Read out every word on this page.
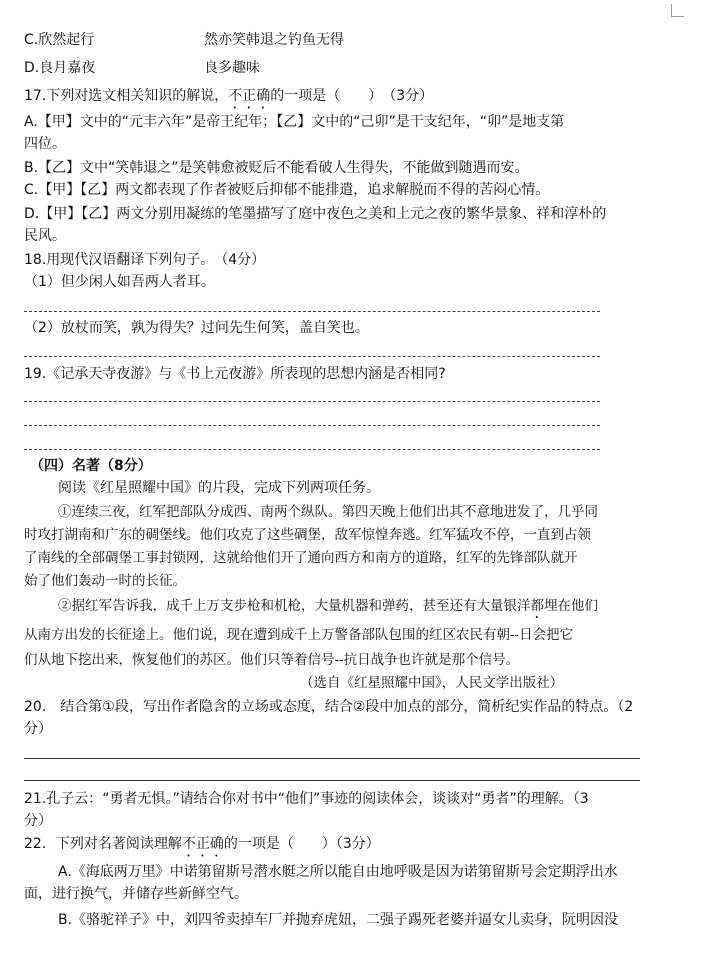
C.欣然起行	然亦笑韩退之钓鱼无得
D.良月嘉夜	良多趣味
17.下列对选文相关知识的解说，不正确的一项是（　　）　（3分）
A.【甲】文中的“元丰六年”是帝王纪年；【乙】文中的“己卯”是干支纪年，“卯”是地支第
四位。
B.【乙】文中“笑韩退之”是笑韩愈被贬后不能看破人生得失，不能做到随遇而安。
C.【甲】【乙】两文都表现了作者被贬后抑郁不能排遣，追求解脱而不得的苦闷心情。
D.【甲】【乙】两文分别用凝练的笔墨描写了庭中夜色之美和上元之夜的繁华景象、祥和淳朴的
民风。
18.用现代汉语翻译下列句子。　（4分）
（1）但少闲人如吾两人者耳。
（2）放杖而笑，孰为得失？过问先生何笑，盖自笑也。
19.《记承天寺夜游》与《书上元夜游》所表现的思想内涵是否相同?
（四）名著（8分）
阅读《红星照耀中国》的片段，完成下列两项任务。
①连续三夜，红军把部队分成西、南两个纵队。第四天晚上他们出其不意地进发了，几乎同
时攻打湖南和广东的碉堡线。他们攻克了这些碉堡，敌军惊惶奔逃。红军猛攻不停，一直到占领
了南线的全部碉堡工事封锁网，这就给他们开了通向西方和南方的道路，红军的先锋部队就开
始了他们轰动一时的长征。
②据红军告诉我，成千上万支步枪和机枪，大量机器和弹药，甚至还有大量银洋都埋在他们
从南方出发的长征途上。他们说，现在遭到成千上万警备部队包围的红区农民有朝--日会把它
们从地下挖出来，恢复他们的苏区。他们只等着信号--抗日战争也许就是那个信号。
（选自《红星照耀中国》，人民文学出版社）
20.　结合第①段，写出作者隐含的立场或态度，结合②段中加点的部分，简析纪实作品的特点。（2
分）
21.孔子云：“勇者无惧。”请结合你对书中“他们”事迹的阅读体会，谈谈对“勇者”的理解。（3
分）
22．下列对名著阅读理解不正确的一项是（　　）（3分）
A.《海底两万里》中诺第留斯号潜水艇之所以能自由地呼吸是因为诺第留斯号会定期浮出水
面，进行换气，并储存些新鲜空气。
B.《骆驼祥子》中，刘四爷卖掉车厂并抛弃虎妞，二强子踢死老婆并逼女儿卖身，阮明因没
